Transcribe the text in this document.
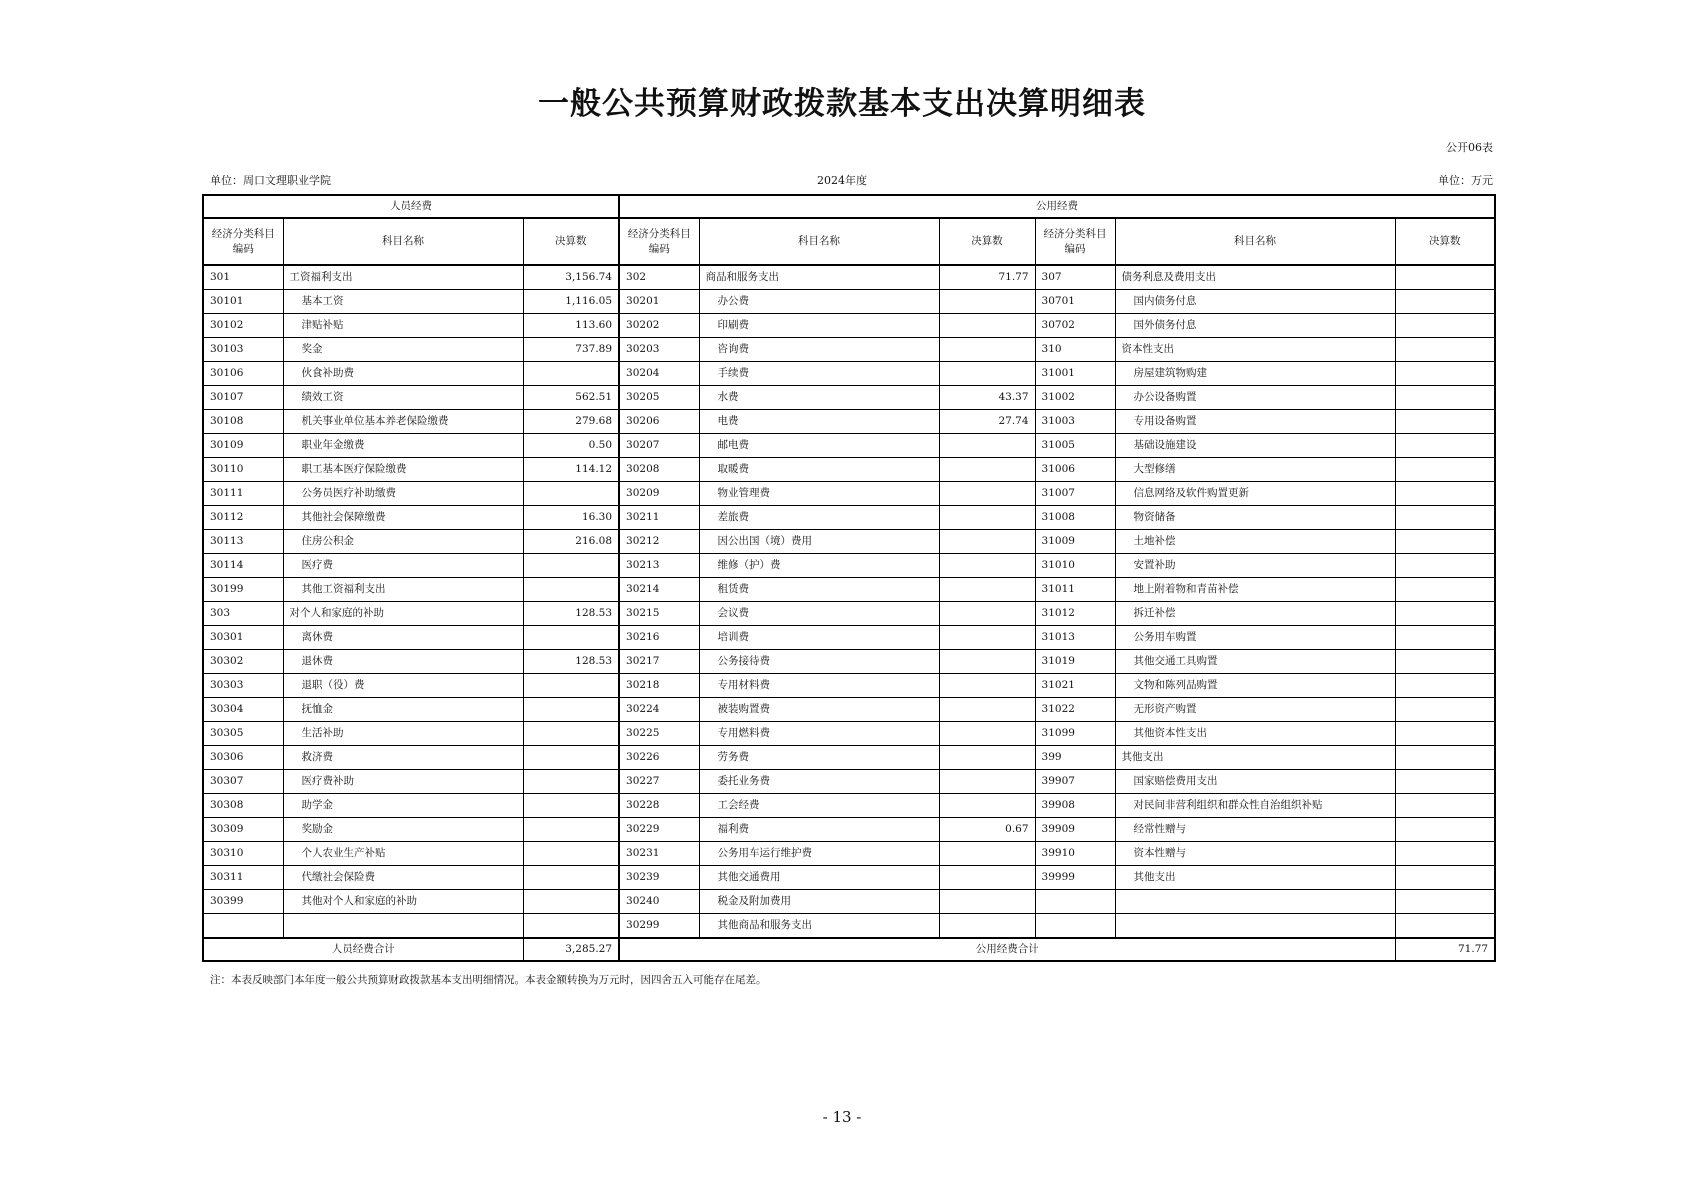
一般公共预算财政拨款基本支出决算明细表
公开06表
单位：周口文理职业学院	2024年度	单位：万元
人员经费			公用经费					
经济分类科目编码	科目名称	决算数	经济分类科目编码	科目名称	决算数	经济分类科目编码	科目名称	决算数
301	工资福利支出	3,156.74	302	商品和服务支出	71.77	307	债务利息及费用支出	
30101	基本工资	1,116.05	30201	办公费		30701	国内债务付息	
30102	津贴补贴	113.60	30202	印刷费		30702	国外债务付息	
30103	奖金	737.89	30203	咨询费		310	资本性支出	
30106	伙食补助费		30204	手续费		31001	房屋建筑物购建	
30107	绩效工资	562.51	30205	水费	43.37	31002	办公设备购置	
30108	机关事业单位基本养老保险缴费	279.68	30206	电费	27.74	31003	专用设备购置	
30109	职业年金缴费	0.50	30207	邮电费		31005	基础设施建设	
30110	职工基本医疗保险缴费	114.12	30208	取暖费		31006	大型修缮	
30111	公务员医疗补助缴费		30209	物业管理费		31007	信息网络及软件购置更新	
30112	其他社会保障缴费	16.30	30211	差旅费		31008	物资储备	
30113	住房公积金	216.08	30212	因公出国（境）费用		31009	土地补偿	
30114	医疗费		30213	维修（护）费		31010	安置补助	
30199	其他工资福利支出		30214	租赁费		31011	地上附着物和青苗补偿	
303	对个人和家庭的补助	128.53	30215	会议费		31012	拆迁补偿	
30301	离休费		30216	培训费		31013	公务用车购置	
30302	退休费	128.53	30217	公务接待费		31019	其他交通工具购置	
30303	退职（役）费		30218	专用材料费		31021	文物和陈列品购置	
30304	抚恤金		30224	被装购置费		31022	无形资产购置	
30305	生活补助		30225	专用燃料费		31099	其他资本性支出	
30306	救济费		30226	劳务费		399	其他支出	
30307	医疗费补助		30227	委托业务费		39907	国家赔偿费用支出	
30308	助学金		30228	工会经费		39908	对民间非营利组织和群众性自治组织补贴	
30309	奖励金		30229	福利费	0.67	39909	经常性赠与	
30310	个人农业生产补贴		30231	公务用车运行维护费		39910	资本性赠与	
30311	代缴社会保险费		30239	其他交通费用		39999	其他支出	
30399	其他对个人和家庭的补助		30240	税金及附加费用				
			30299	其他商品和服务支出				
人员经费合计		3,285.27	公用经费合计					71.77
注：本表反映部门本年度一般公共预算财政拨款基本支出明细情况。本表金额转换为万元时，因四舍五入可能存在尾差。
- 13 -
